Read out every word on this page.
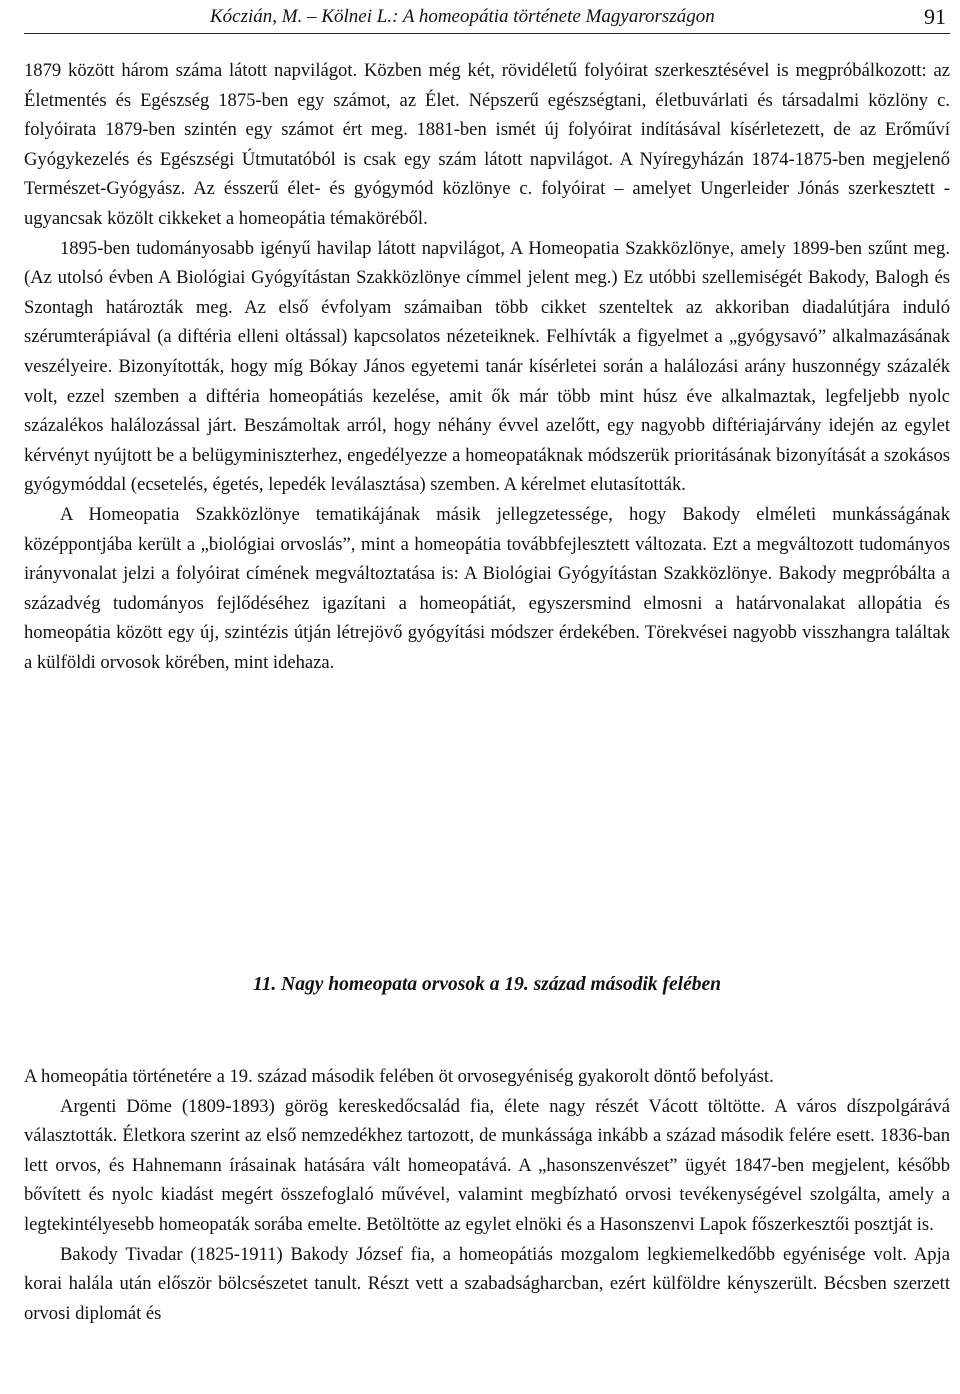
Kóczián, M. – Kölnei L.: A homeopátia története Magyarországon	91

1879 között három száma látott napvilágot. Közben még két, rövidéletű folyóirat szerkesztésével is megpróbálkozott: az Életmentés és Egészség 1875-ben egy számot, az Élet. Népszerű egészségtani, életbuvárlati és társadalmi közlöny c. folyóirata 1879-ben szintén egy számot ért meg. 1881-ben ismét új folyóirat indításával kísérletezett, de az Erőműví Gyógykezelés és Egészségi Útmutatóból is csak egy szám látott napvilágot. A Nyíregyházán 1874-1875-ben megjelenő Természet-Gyógyász. Az ésszerű élet- és gyógymód közlönye c. folyóirat – amelyet Ungerleider Jónás szerkesztett - ugyancsak közölt cikkeket a homeopátia témaköréből.

1895-ben tudományosabb igényű havilap látott napvilágot, A Homeopatia Szakközlönye, amely 1899-ben szűnt meg. (Az utolsó évben A Biológiai Gyógyítástan Szakközlönye címmel jelent meg.) Ez utóbbi szellemiségét Bakody, Balogh és Szontagh határozták meg. Az első évfolyam számaiban több cikket szenteltek az akkoriban diadalútjára induló szérumterápiával (a diftéria elleni oltással) kapcsolatos nézeteiknek. Felhívták a figyelmet a „gyógysavó” alkalmazásának veszélyeire. Bizonyították, hogy míg Bókay János egyetemi tanár kísérletei során a halálozási arány huszonnégy százalék volt, ezzel szemben a diftéria homeopátiás kezelése, amit ők már több mint húsz éve alkalmaztak, legfeljebb nyolc százalékos halálozással járt. Beszámoltak arról, hogy néhány évvel azelőtt, egy nagyobb diftériajárvány idején az egylet kérvényt nyújtott be a belügyminiszterhez, engedélyezze a homeopatáknak módszerük prioritásának bizonyítását a szokásos gyógymóddal (ecsetelés, égetés, lepedék leválasztása) szemben. A kérelmet elutasították.

A Homeopatia Szakközlönye tematikájának másik jellegzetessége, hogy Bakody elméleti munkásságának középpontjába került a „biológiai orvoslás”, mint a homeopátia továbbfejlesztett változata. Ezt a megváltozott tudományos irányvonalat jelzi a folyóirat címének megváltoztatása is: A Biológiai Gyógyítástan Szakközlönye. Bakody megpróbálta a századvég tudományos fejlődéséhez igazítani a homeopátiát, egyszersmind elmosni a határvonalakat allopátia és homeopátia között egy új, szintézis útján létrejövő gyógyítási módszer érdekében. Törekvései nagyobb visszhangra találtak a külföldi orvosok körében, mint idehaza.

11. Nagy homeopata orvosok a 19. század második felében

A homeopátia történetére a 19. század második felében öt orvosegyéniség gyakorolt döntő befolyást.

Argenti Döme (1809-1893) görög kereskedőcsalád fia, élete nagy részét Vácott töltötte. A város díszpolgárává választották. Életkora szerint az első nemzedékhez tartozott, de munkássága inkább a század második felére esett. 1836-ban lett orvos, és Hahnemann írásainak hatására vált homeopatává. A „hasonszenvészet” ügyét 1847-ben megjelent, később bővített és nyolc kiadást megért összefoglaló művével, valamint megbízható orvosi tevékenységével szolgálta, amely a legtekintélyesebb homeopaták sorába emelte. Betöltötte az egylet elnöki és a Hasonszenvi Lapok főszerkesztői posztját is.

Bakody Tivadar (1825-1911) Bakody József fia, a homeopátiás mozgalom legkiemelkedőbb egyénisége volt. Apja korai halála után először bölcsészetet tanult. Részt vett a szabadságharcban, ezért külföldre kényszerült. Bécsben szerzett orvosi diplomát és
